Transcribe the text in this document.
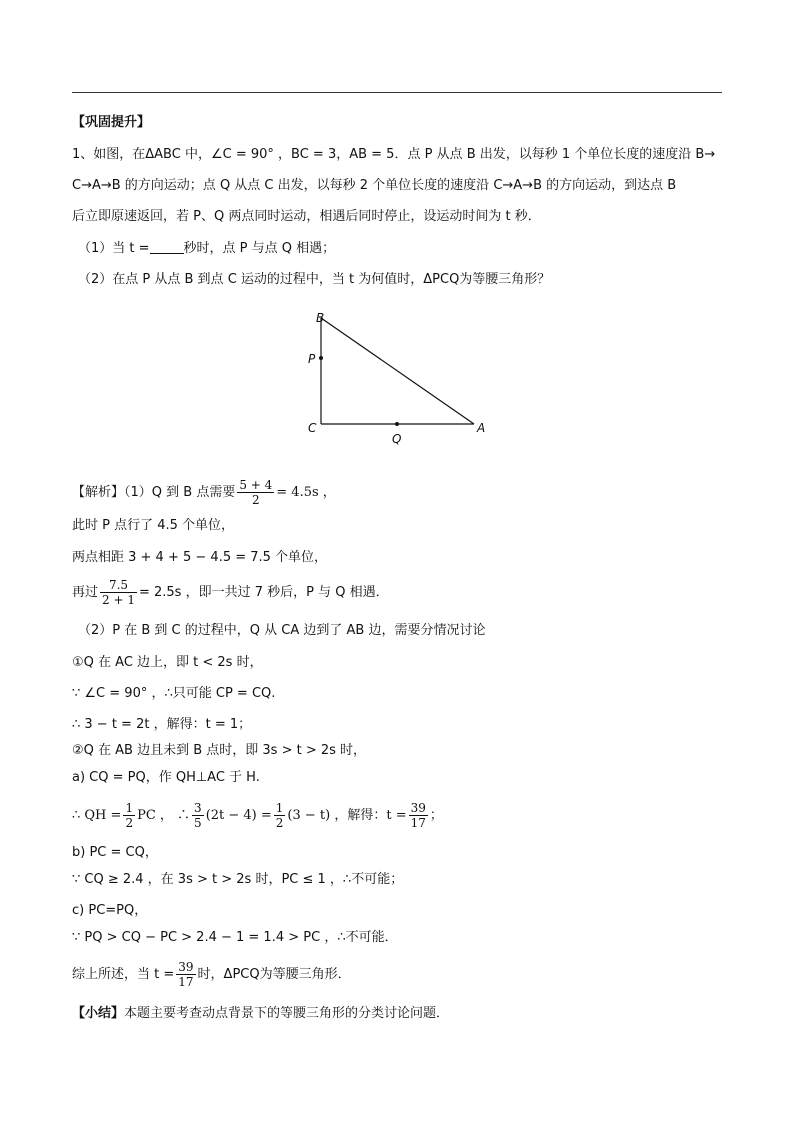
【巩固提升】
1、如图，在ΔABC 中，∠C = 90° ，BC = 3，AB = 5．点 P 从点 B 出发，以每秒 1 个单位长度的速度沿 B→
C→A→B 的方向运动；点 Q 从点 C 出发，以每秒 2 个单位长度的速度沿 C→A→B 的方向运动，到达点 B
后立即原速返回，若 P、Q 两点同时运动，相遇后同时停止，设运动时间为 t 秒．
（1）当 t =	秒时，点 P 与点 Q 相遇；
（2）在点 P 从点 B 到点 C 运动的过程中，当 t 为何值时，ΔPCQ为等腰三角形？
B
P
C
Q
A
【解析】（1）Q 到 B 点需要 $\frac{5 + 4}{2} = 4.5s$ ，
此时 P 点行了 4.5 个单位，
两点相距 3 + 4 + 5 − 4.5 = 7.5 个单位，
再过 $\frac{7.5}{2 + 1} = 2.5s$ ，即一共过 7 秒后，P 与 Q 相遇．
（2）P 在 B 到 C 的过程中，Q 从 CA 边到了 AB 边，需要分情况讨论
①Q 在 AC 边上，即 t < 2s 时，
∵ ∠C = 90° ，∴只可能 CP = CQ.
∴ 3 − t = 2t ，解得：t = 1；
②Q 在 AB 边且未到 B 点时，即 3s > t > 2s 时，
a) CQ = PQ，作 QH⊥AC 于 H.
∴ QH = $\frac{1}{2}$ PC ， ∴ $\frac{3}{5} (2t - 4) = \frac{1}{2} (3 - t)$ ，解得：$t = \frac{39}{17}$ ；
b) PC = CQ，
∵ CQ ≥ 2.4 ，在 3s > t > 2s 时，PC ≤ 1 ，∴不可能；
c) PC=PQ，
∵ PQ > CQ − PC > 2.4 − 1 = 1.4 > PC ，∴不可能．
综上所述，当 $t = \frac{39}{17}$ 时，ΔPCQ为等腰三角形．
【小结】本题主要考查动点背景下的等腰三角形的分类讨论问题．
